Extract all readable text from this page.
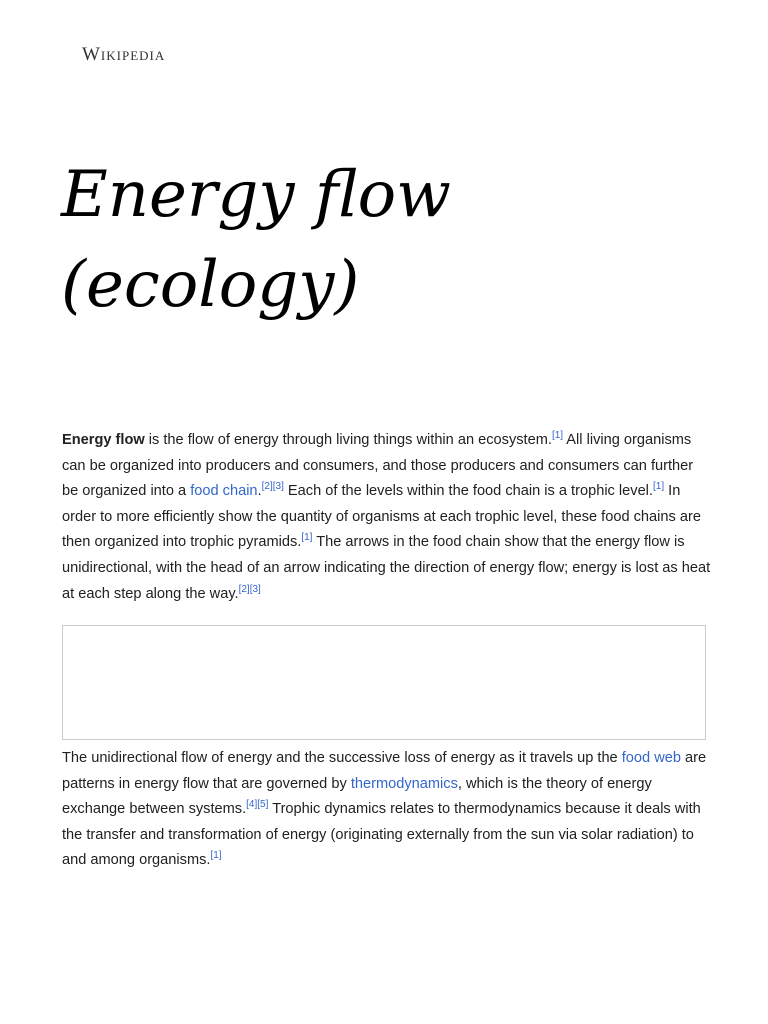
Wikipedia
Energy flow (ecology)

Energy flow is the flow of energy through living things within an ecosystem.[1] All living organisms can be organized into producers and consumers, and those producers and consumers can further be organized into a food chain.[2][3] Each of the levels within the food chain is a trophic level.[1] In order to more efficiently show the quantity of organisms at each trophic level, these food chains are then organized into trophic pyramids.[1] The arrows in the food chain show that the energy flow is unidirectional, with the head of an arrow indicating the direction of energy flow; energy is lost as heat at each step along the way.[2][3]

The unidirectional flow of energy and the successive loss of energy as it travels up the food web are patterns in energy flow that are governed by thermodynamics, which is the theory of energy exchange between systems.[4][5] Trophic dynamics relates to thermodynamics because it deals with the transfer and transformation of energy (originating externally from the sun via solar radiation) to and among organisms.[1]
